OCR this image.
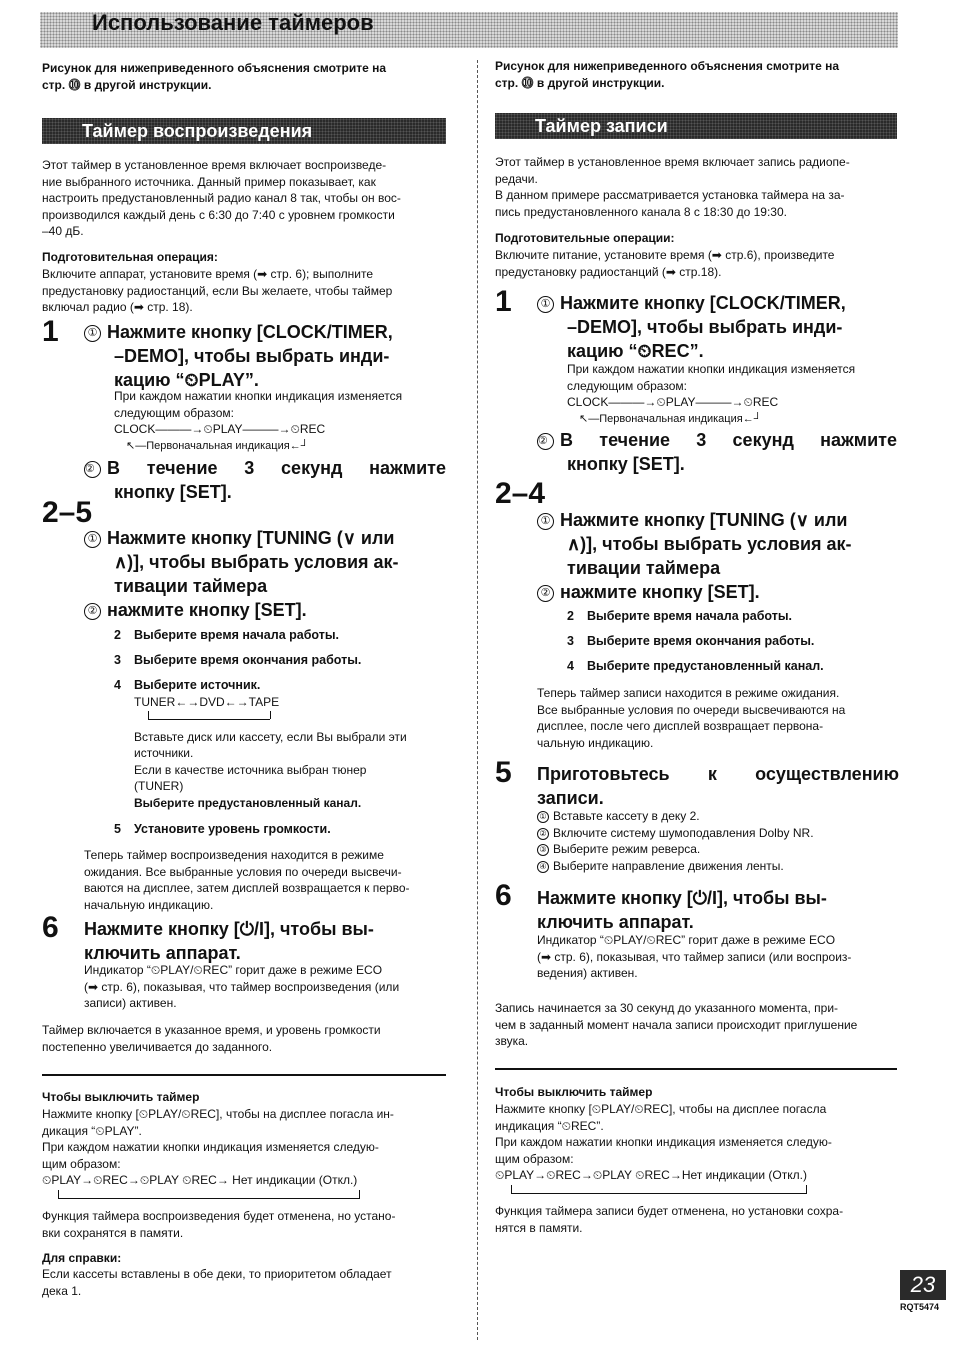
Использование таймеров
Рисунок для нижеприведенного объяснения смотрите на
стр. ⓾ в другой инструкции.
Таймер воспроизведения
Этот таймер в установленное время включает воспроизведе-
ние выбранного источника. Данный пример показывает, как
настроить предустановленный радио канал 8 так, чтобы он вос-
производился каждый день с 6:30 до 7:40 с уровнем громкости
–40 дБ.
Подготовительная операция:
Включите аппарат, установите время (➡ стр. 6); выполните
предустановку радиостанций, если Вы желаете, чтобы таймер
включал радио (➡ стр. 18).
1	① Нажмите кнопку [CLOCK/TIMER,
–DEMO], чтобы выбрать инди-
кацию “⏲PLAY”.
При каждом нажатии кнопки индикация изменяется
следующим образом:
CLOCK———→⏲PLAY———→⏲REC
↖—Первоначальная индикация←┘
② В течение 3 секунд нажмите
кнопку [SET].
2–5
① Нажмите кнопку [TUNING (∨ или
∧)], чтобы выбрать условия ак-
тивации таймера
② нажмите кнопку [SET].
2 Выберите время начала работы.
3 Выберите время окончания работы.
4 Выберите источник.
TUNER←→DVD←→TAPE
Вставьте диск или кассету, если Вы выбрали эти
источники.
Если в качестве источника выбран тюнер
(TUNER)
Выберите предустановленный канал.
5 Установите уровень громкости.
Теперь таймер воспроизведения находится в режиме
ожидания. Все выбранные условия по очереди высвечи-
ваются на дисплее, затем дисплей возвращается к перво-
начальную индикацию.
6 Нажмите кнопку [⏻/I], чтобы вы-
ключить аппарат.
Индикатор “⏲PLAY/⏲REC” горит даже в режиме ECO
(➡ стр. 6), показывая, что таймер воспроизведения (или
записи) активен.
Таймер включается в указанное время, и уровень громкости
постепенно увеличивается до заданного.
Чтобы выключить таймер
Нажмите кнопку [⏲PLAY/⏲REC], чтобы на дисплее погасла ин-
дикация “⏲PLAY”.
При каждом нажатии кнопки индикация изменяется следую-
щим образом:
⏲PLAY→⏲REC→⏲PLAY ⏲REC→ Нет индикации (Откл.)
Функция таймера воспроизведения будет отменена, но устано-
вки сохранятся в памяти.
Для справки:
Если кассеты вставлены в обе деки, то приоритетом обладает
дека 1.
Рисунок для нижеприведенного объяснения смотрите на
стр. ⓾ в другой инструкции.
Таймер записи
Этот таймер в установленное время включает запись радиопе-
редачи.
В данном примере рассматривается установка таймера на за-
пись предустановленного канала 8 с 18:30 до 19:30.
Подготовительные операции:
Включите питание, установите время (➡ стр.6), произведите
предустановку радиостанций (➡ стр.18).
1	① Нажмите кнопку [CLOCK/TIMER,
–DEMO], чтобы выбрать инди-
кацию “⏲REC”.
При каждом нажатии кнопки индикация изменяется
следующим образом:
CLOCK———→⏲PLAY———→⏲REC
↖—Первоначальная индикация←┘
② В течение 3 секунд нажмите
кнопку [SET].
2–4
① Нажмите кнопку [TUNING (∨ или
∧)], чтобы выбрать условия ак-
тивации таймера
② нажмите кнопку [SET].
2 Выберите время начала работы.
3 Выберите время окончания работы.
4 Выберите предустановленный канал.
Теперь таймер записи находится в режиме ожидания.
Все выбранные условия по очереди высвечиваются на
дисплее, после чего дисплей возвращает первона-
чальную индикацию.
5 Приготовьтесь к осуществлению
записи.
① Вставьте кассету в деку 2.
② Включите систему шумоподавления Dolby NR.
③ Выберите режим реверса.
④ Выберите направление движения ленты.
6 Нажмите кнопку [⏻/I], чтобы вы-
ключить аппарат.
Индикатор “⏲PLAY/⏲REC” горит даже в режиме ECO
(➡ стр. 6), показывая, что таймер записи (или воспроиз-
ведения) активен.
Запись начинается за 30 секунд до указанного момента, при-
чем в заданный момент начала записи происходит приглушение
звука.
Чтобы выключить таймер
Нажмите кнопку [⏲PLAY/⏲REC], чтобы на дисплее погасла
индикация “⏲REC”.
При каждом нажатии кнопки индикация изменяется следую-
щим образом:
⏲PLAY→⏲REC→⏲PLAY ⏲REC→Нет индикации (Откл.)
Функция таймера записи будет отменена, но установки сохра-
нятся в памяти.
23
RQT5474
